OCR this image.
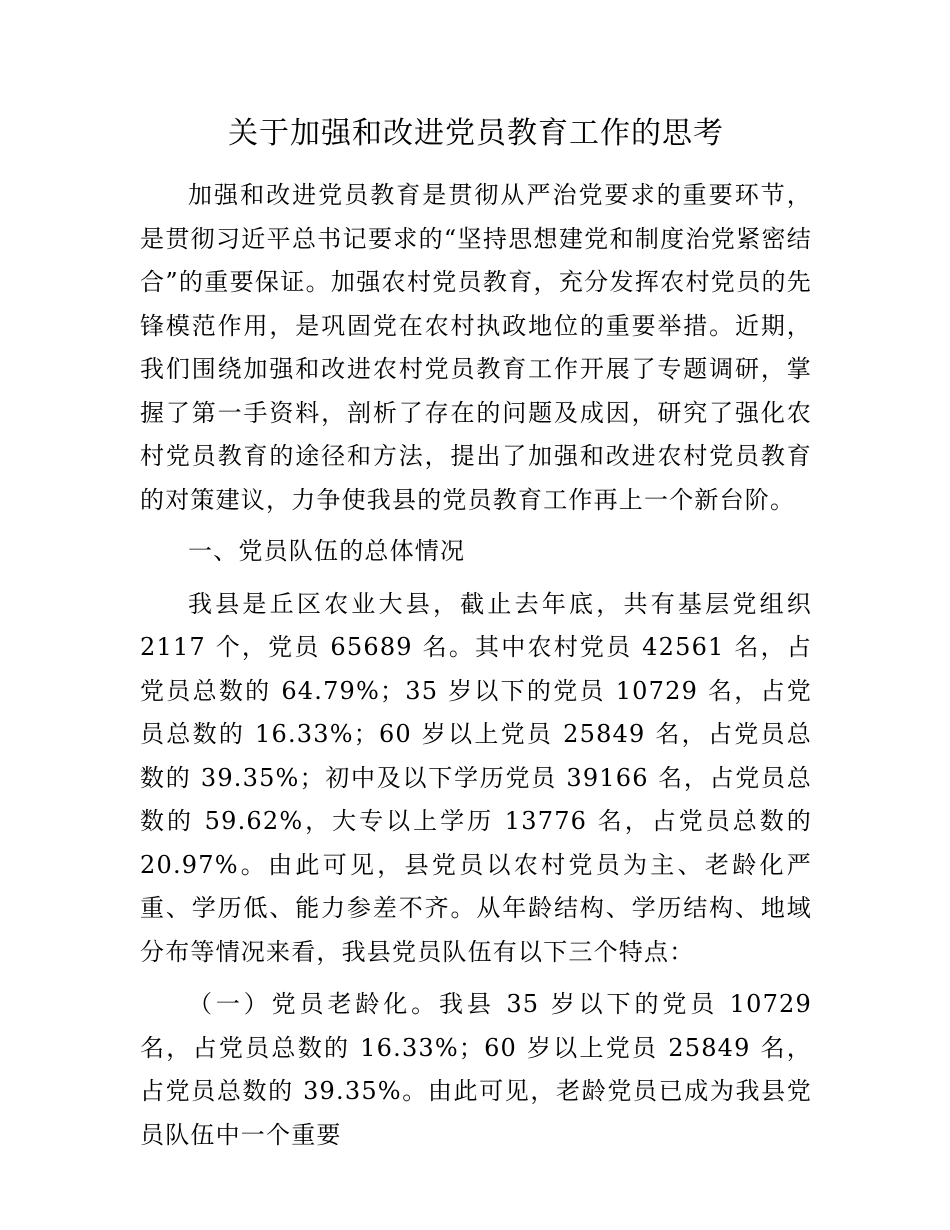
关于加强和改进党员教育工作的思考

加强和改进党员教育是贯彻从严治党要求的重要环节，是贯彻习近平总书记要求的“坚持思想建党和制度治党紧密结合”的重要保证。加强农村党员教育，充分发挥农村党员的先锋模范作用，是巩固党在农村执政地位的重要举措。近期，我们围绕加强和改进农村党员教育工作开展了专题调研，掌握了第一手资料，剖析了存在的问题及成因，研究了强化农村党员教育的途径和方法，提出了加强和改进农村党员教育的对策建议，力争使我县的党员教育工作再上一个新台阶。

一、党员队伍的总体情况

我县是丘区农业大县，截止去年底，共有基层党组织 2117 个，党员 65689 名。其中农村党员 42561 名，占党员总数的 64.79%；35 岁以下的党员 10729 名，占党员总数的 16.33%；60 岁以上党员 25849 名，占党员总数的 39.35%；初中及以下学历党员 39166 名，占党员总数的 59.62%，大专以上学历 13776 名，占党员总数的 20.97%。由此可见，县党员以农村党员为主、老龄化严重、学历低、能力参差不齐。从年龄结构、学历结构、地域分布等情况来看，我县党员队伍有以下三个特点：

（一）党员老龄化。我县 35 岁以下的党员 10729 名，占党员总数的 16.33%；60 岁以上党员 25849 名，占党员总数的 39.35%。由此可见，老龄党员已成为我县党员队伍中一个重要
